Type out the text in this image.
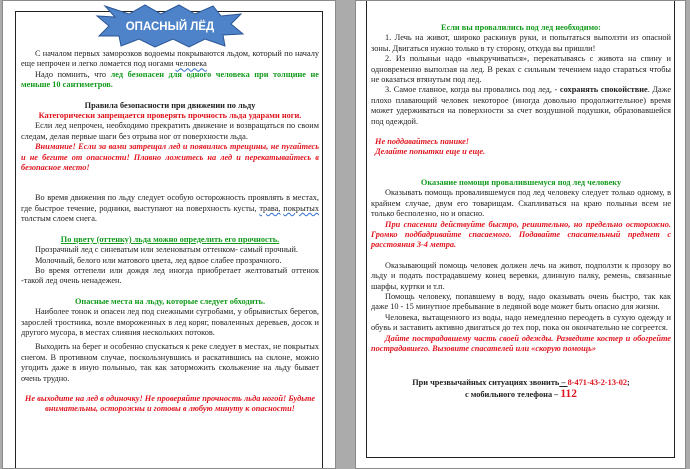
ОПАСНЫЙ ЛЁД

С началом первых заморозков водоемы покрываются льдом, который по началу еще непрочен и легко ломается под ногами человека

Надо помнить, что лед безопасен для одного человека при толщине не меньше 10 сантиметров.

Правила безопасности при движении по льду

Категорически запрещается проверять прочность льда ударами ноги.

Если лед непрочен, необходимо прекратить движение и возвращаться по своим следам, делая первые шаги без отрыва ног от поверхности льда.

Внимание! Если за вами затрещал лед и появились трещины, не пугайтесь и не бегите от опасности! Плавно ложитесь на лед и перекатывайтесь в безопасное место!

Во время движения по льду следует особую осторожность проявлять в местах, где быстрое течение, родники, выступают на поверхность кусты, трава, покрытых толстым слоем снега.

По цвету (оттенку) льда можно определить его прочность.

Прозрачный лед с синеватым или зеленоватым оттенком- самый прочный.

Молочный, белого или матового цвета, лед вдвое слабее прозрачного.

Во время оттепели или дождя лед иногда приобретает желтоватый оттенок -такой лед очень ненадежен.

Опасные места на льду, которые следует обходить.

Наиболее тонок и опасен лед под снежными сугробами, у обрывистых берегов, зарослей тростника, возле вмороженных в лед коряг, поваленных деревьев, досок и другого мусора, в местах слияния нескольких потоков.

Выходить на берег и особенно спускаться к реке следует в местах, не покрытых снегом. В противном случае, поскользнувшись и раскатившись на склоне, можно угодить даже в иную полынью, так как заторможить скольжение на льду бывает очень трудно.

Не выходите на лед в одиночку! Не проверяйте прочность льда ногой! Будьте внимательны, осторожны и готовы в любую минуту к опасности!

Если вы провалились под лед необходимо:

1. Лечь на живот, широко раскинув руки, и попытаться выползти из опасной зоны. Двигаться нужно только в ту сторону, откуда вы пришли!

2. Из полыньи надо «выкручиваться», перекатываясь с живота на спину и одновременно выползая на лед. В реках с сильным течением надо стараться чтобы не оказаться втянутым под лед.

3. Самое главное, когда вы провались под лед, - сохранять спокойствие. Даже плохо плавающий человек некоторое (иногда довольно продолжительное) время может удерживаться на поверхности за счет воздушной подушки, образовавшейся под одеждой.

Не поддавайтесь панике!

Делайте попытки еще и еще.

Оказание помощи провалившемуся под лед человеку

Оказывать помощь провалившемуся под лед человеку следует только одному, в крайнем случае, двум его товарищам. Скапливаться на краю полыньи всем не только бесполезно, но и опасно.

При спасении действуйте быстро, решительно, но предельно осторожно. Громко подбадривайте спасаемого. Подавайте спасательный предмет с расстояния 3-4 метра.

Оказывающий помощь человек должен лечь на живот, подползти к прозору во льду и подать пострадавшему конец веревки, длинную палку, ремень, связанные шарфы, куртки и т.п.

Помощь человеку, попавшему в воду, надо оказывать очень быстро, так как даже 10 - 15 минутное пребывание в ледяной воде может быть опасно для жизни.

Человека, вытащенного из воды, надо немедленно переодеть в сухую одежду и обувь и заставить активно двигаться до тех пор, пока он окончательно не согреется.

Дайте пострадавшему часть своей одежды. Разведите костер и обогрейте пострадавшего. Вызовите спасателей или «скорую помощь»

При чрезвычайных ситуациях звонить – 8-471-43-2-13-02;

с мобильного телефона – 112
